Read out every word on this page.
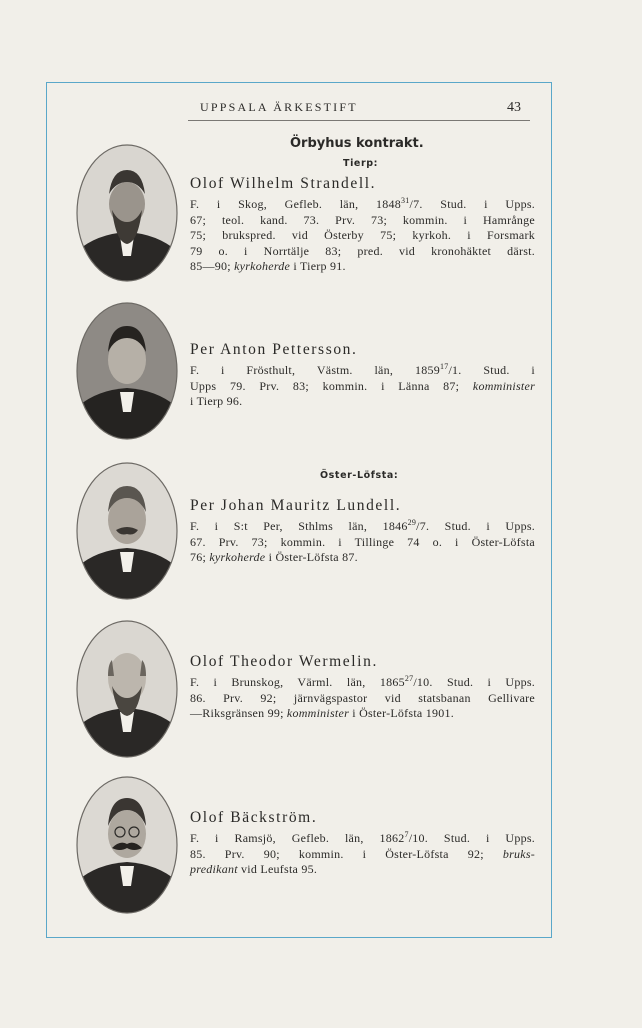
UPPSALA ÄRKESTIFT	43
Örbyhus kontrakt.
Tierp:
Öster-Löfsta:
Olof Wilhelm Strandell.
F. i Skog, Gefleb. län, 1848$^{31}$/7. Stud. i Upps.
67; teol. kand. 73. Prv. 73; kommin. i Hamrånge
75; brukspred. vid Österby 75; kyrkoh. i Forsmark
79 o. i Norrtälje 83; pred. vid kronohäktet därst.
85—90; kyrkoherde i Tierp 91.
Per Anton Pettersson.
F. i Frösthult, Västm. län, 1859$^{17}$/1. Stud. i
Upps 79. Prv. 83; kommin. i Länna 87; komminister
i Tierp 96.
Per Johan Mauritz Lundell.
F. i S:t Per, Sthlms län, 1846$^{29}$/7. Stud. i Upps.
67. Prv. 73; kommin. i Tillinge 74 o. i Öster-Löfsta
76; kyrkoherde i Öster-Löfsta 87.
Olof Theodor Wermelin.
F. i Brunskog, Värml. län, 1865$^{27}$/10. Stud. i Upps.
86. Prv. 92; järnvägspastor vid statsbanan Gellivare
—Riksgränsen 99; komminister i Öster-Löfsta 1901.
Olof Bäckström.
F. i Ramsjö, Gefleb. län, 1862$^7$/10. Stud. i Upps.
85. Prv. 90; kommin. i Öster-Löfsta 92; bruks-
predikant vid Leufsta 95.
